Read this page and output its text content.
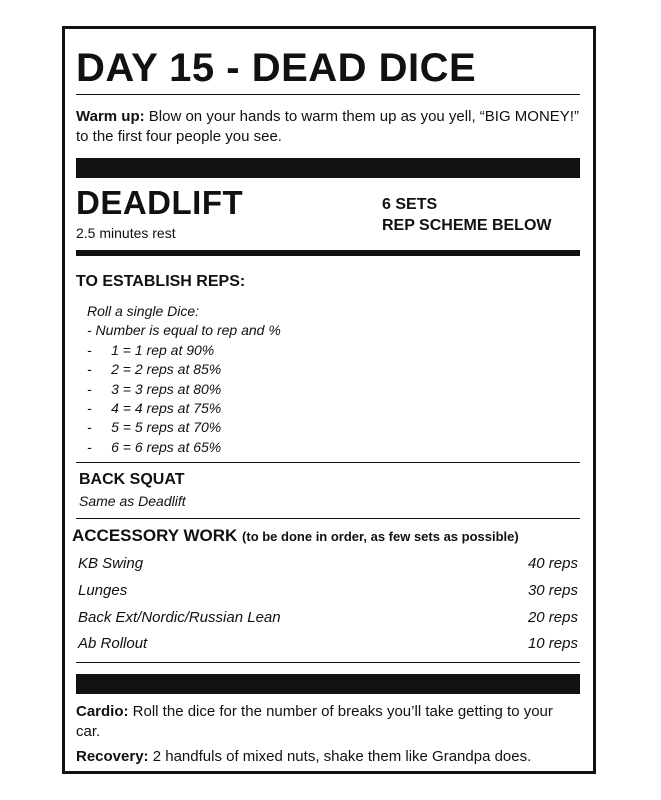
DAY 15 - DEAD DICE
Warm up: Blow on your hands to warm them up as you yell, “BIG MONEY!” to the first four people you see.
DEADLIFT
2.5 minutes rest
6 SETS
REP SCHEME BELOW
TO ESTABLISH REPS:
Roll a single Dice:
- Number is equal to rep and %
-     1 = 1 rep at 90%
-     2 = 2 reps at 85%
-     3 = 3 reps at 80%
-     4 = 4 reps at 75%
-     5 = 5 reps at 70%
-     6 = 6 reps at 65%
BACK SQUAT
Same as Deadlift
ACCESSORY WORK (to be done in order, as few sets as possible)
KB Swing	40 reps
Lunges	30 reps
Back Ext/Nordic/Russian Lean	20 reps
Ab Rollout	10 reps
Cardio: Roll the dice for the number of breaks you’ll take getting to your car.
Recovery: 2 handfuls of mixed nuts, shake them like Grandpa does.
